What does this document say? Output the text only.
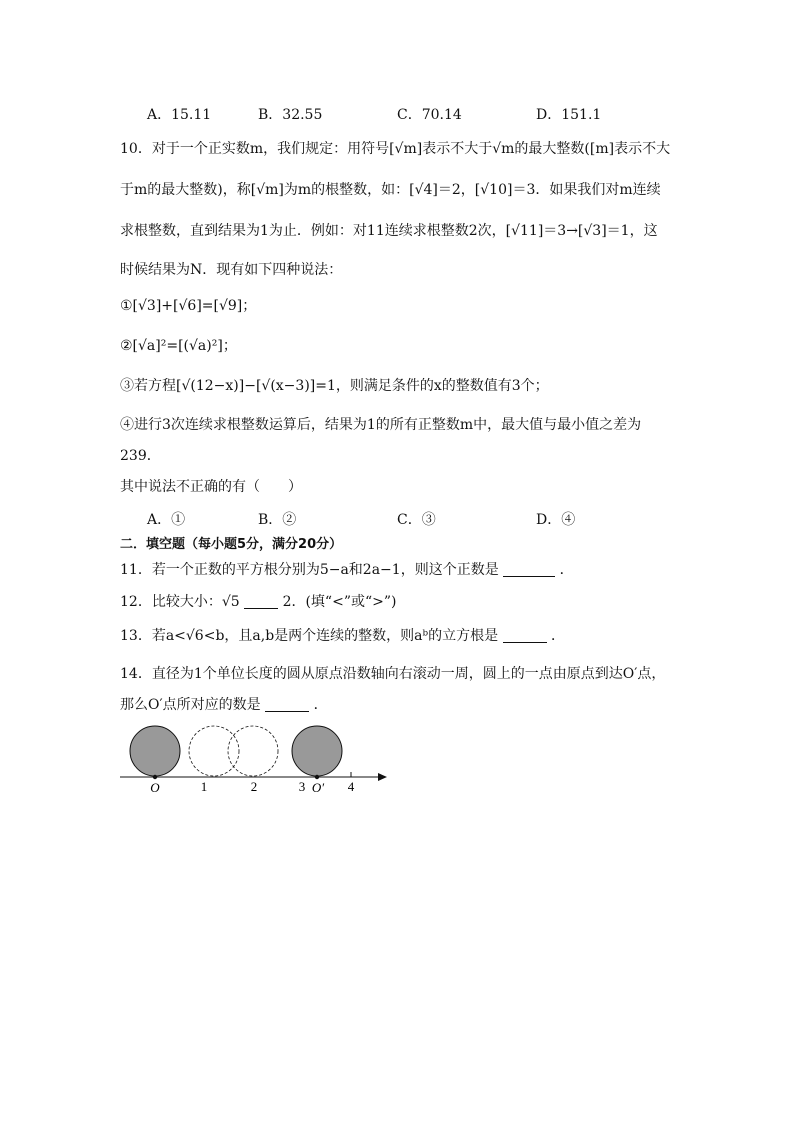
A．15.11	B．32.55	C．70.14	D．151.1
10．对于一个正实数m，我们规定：用符号[√m]表示不大于√m的最大整数([m]表示不大
于m的最大整数)，称[√m]为m的根整数，如：[√4]＝2，[√10]＝3．如果我们对m连续
求根整数，直到结果为1为止．例如：对11连续求根整数2次，[√11]＝3→[√3]＝1，这
时候结果为N．现有如下四种说法：
①[√3]+[√6]=[√9]；
②[√a]²=[(√a)²]；
③若方程[√(12−x)]−[√(x−3)]=1，则满足条件的x的整数值有3个；
④进行3次连续求根整数运算后，结果为1的所有正整数m中，最大值与最小值之差为
239．
其中说法不正确的有（　　）
A．①	B．②	C．③	D．④
二．填空题（每小题5分，满分20分）
11．若一个正数的平方根分别为5−a和2a−1，则这个正数是	．
12．比较大小：√5	2．(填“<”或“>”)
13．若a<√6<b，且a,b是两个连续的整数，则aᵇ的立方根是	．
14．直径为1个单位长度的圆从原点沿数轴向右滚动一周，圆上的一点由原点到达O′点，
那么O′点所对应的数是	．
O	1	2	3 O′ 4
